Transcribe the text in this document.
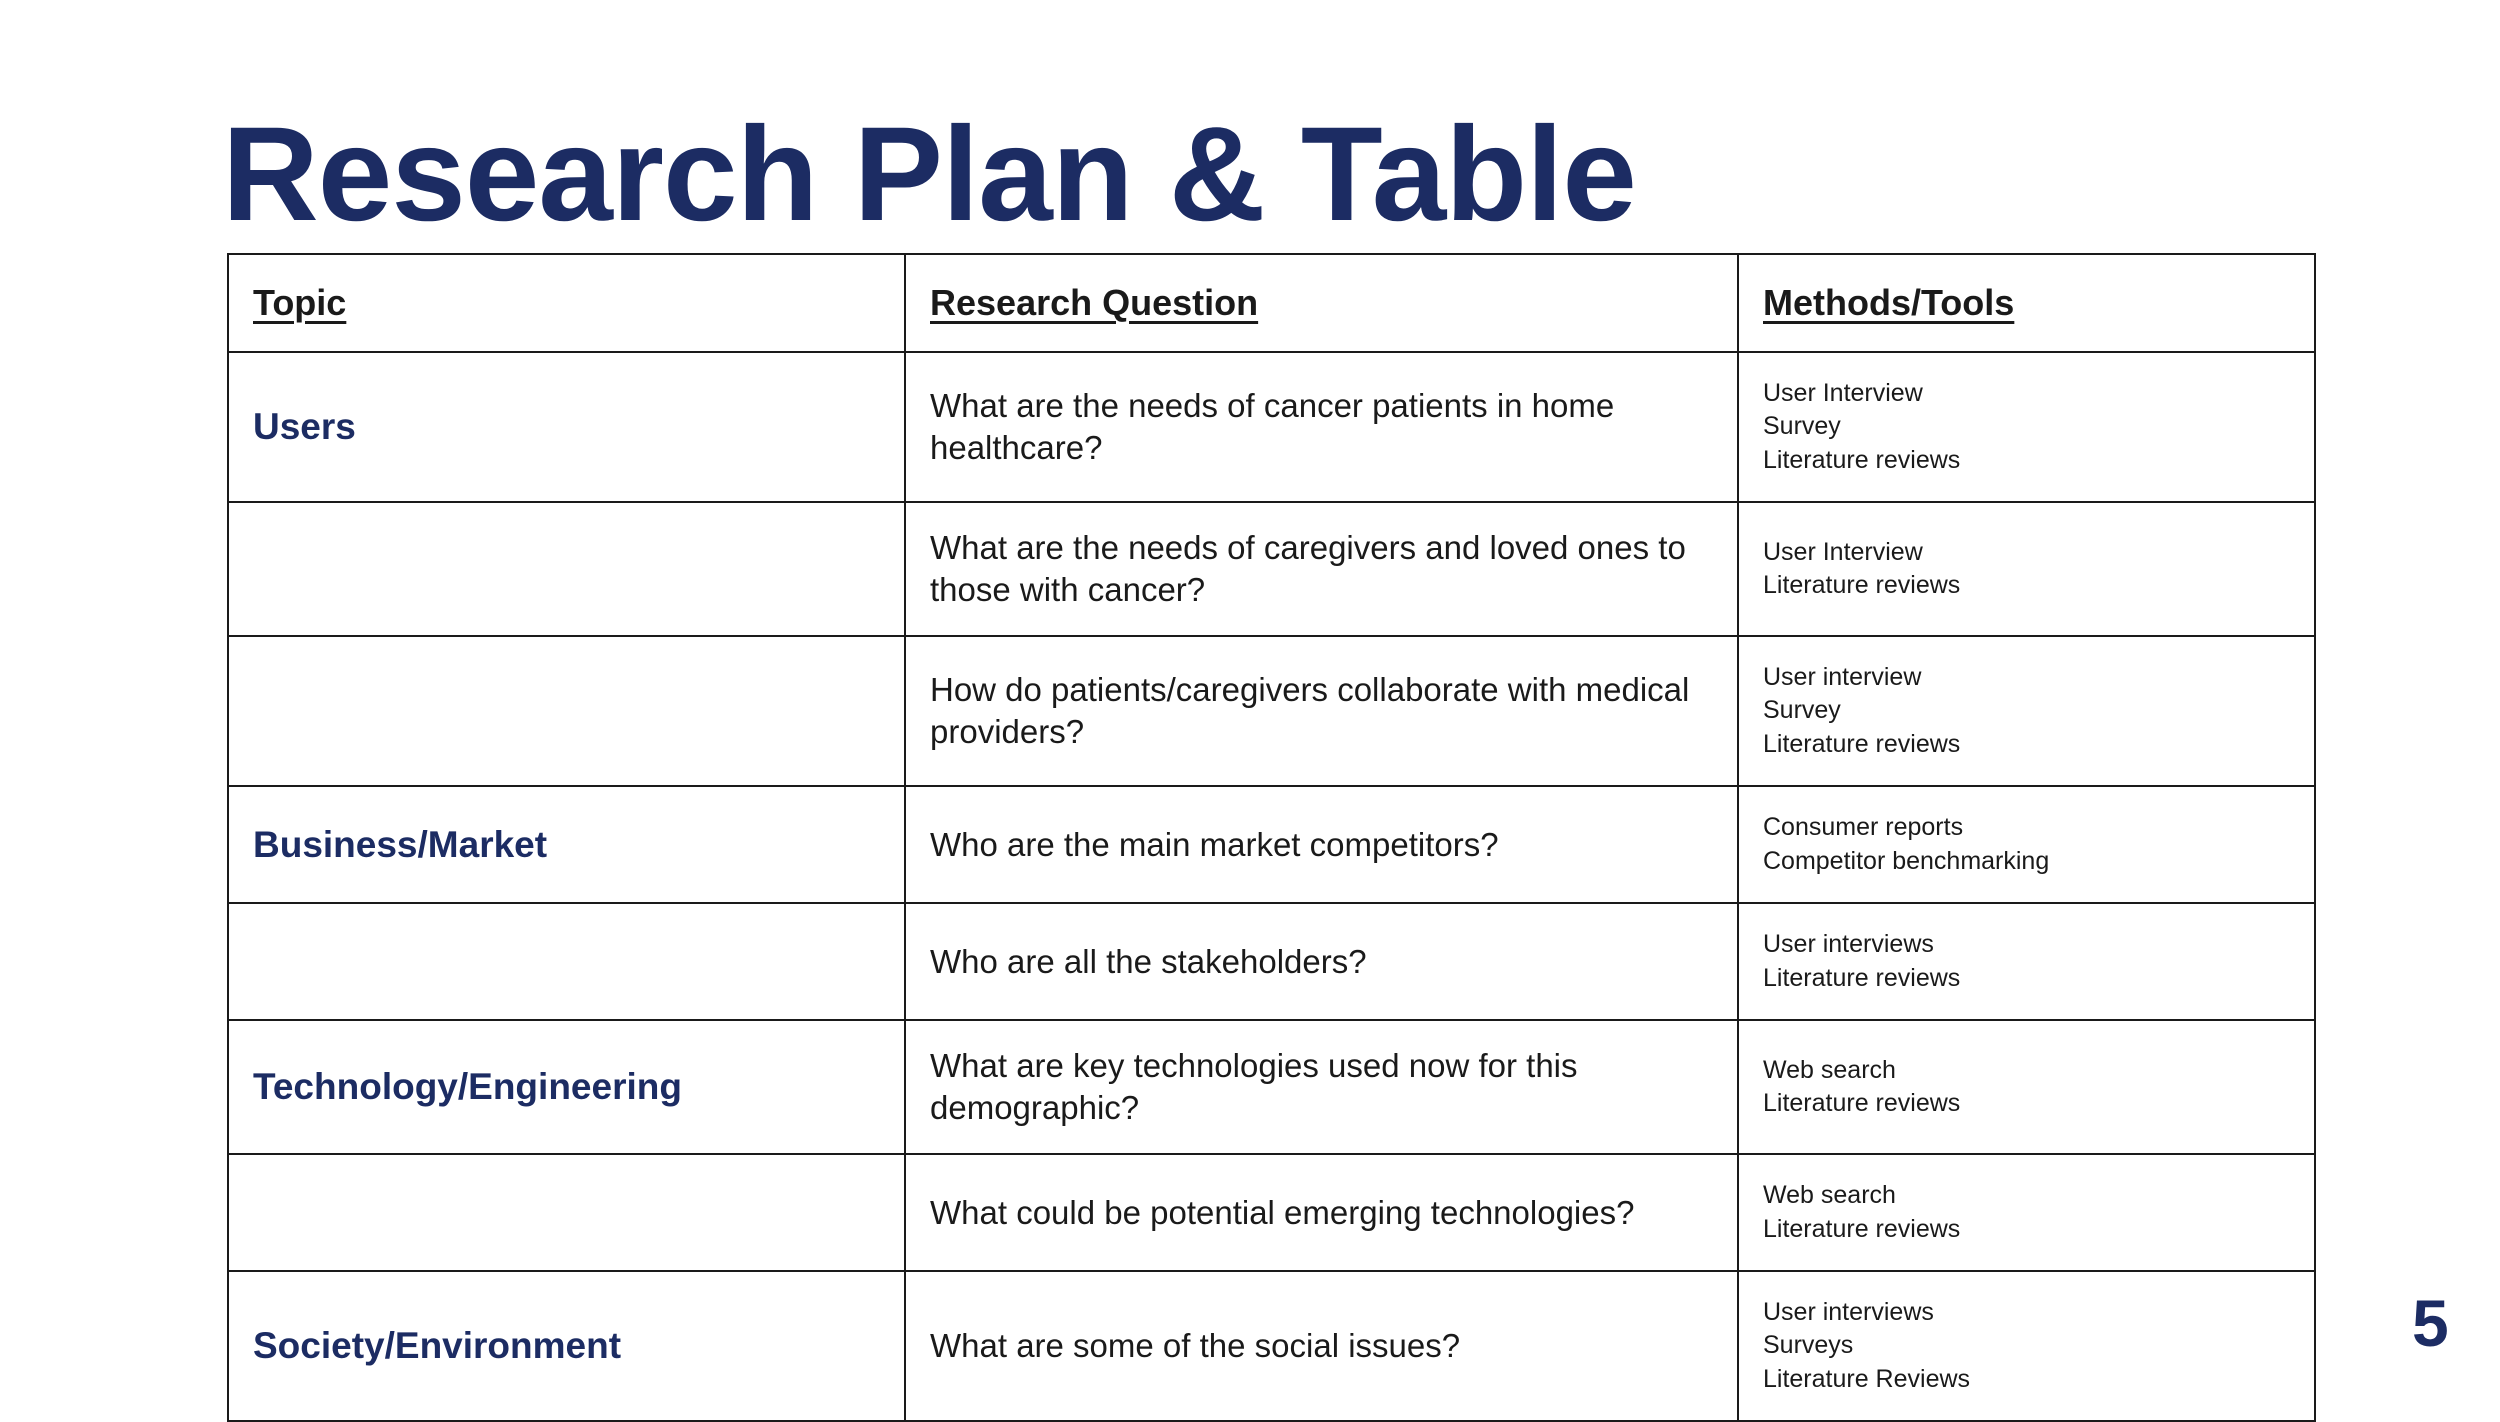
Research Plan & Table
Topic	Research Question	Methods/Tools
Users	What are the needs of cancer patients in home healthcare?	User Interview
Survey
Literature reviews

	What are the needs of caregivers and loved ones to those with cancer?	User Interview
Literature reviews

	How do patients/caregivers collaborate with medical providers?	User interview
Survey
Literature reviews

Business/Market	Who are the main market competitors?	Consumer reports
Competitor benchmarking

	Who are all the stakeholders?	User interviews
Literature reviews

Technology/Engineering	What are key technologies used now for this demographic?	Web search
Literature reviews

	What could be potential emerging technologies?	Web search
Literature reviews

Society/Environment	What are some of the social issues?	User interviews
Surveys
Literature Reviews
5
